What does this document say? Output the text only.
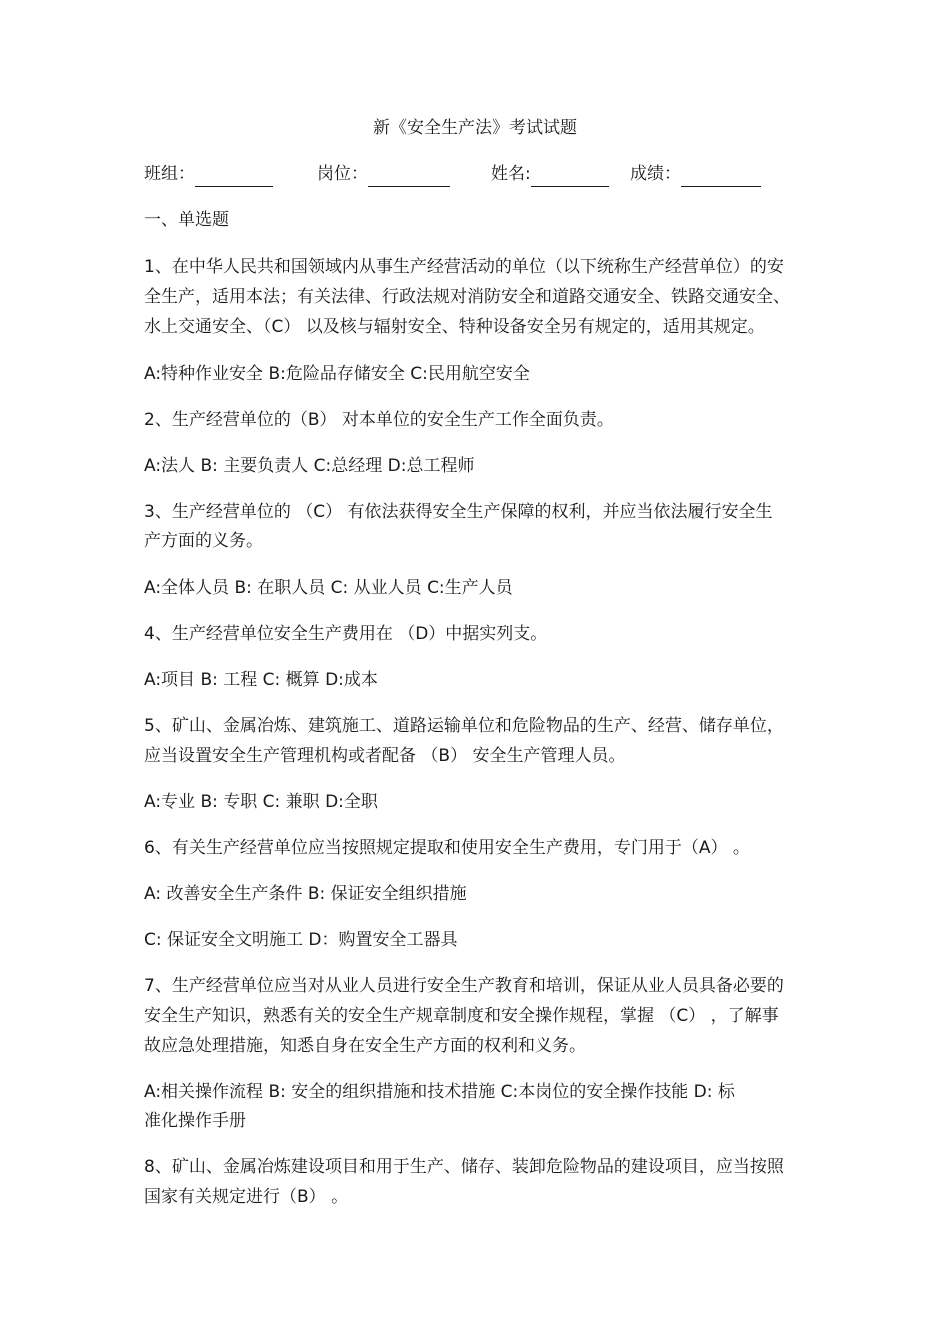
新《安全生产法》考试试题
班组：	岗位：	姓名:	成绩：
一、单选题
1、在中华人民共和国领域内从事生产经营活动的单位（以下统称生产经营单位）的安
全生产，适用本法；有关法律、行政法规对消防安全和道路交通安全、铁路交通安全、
水上交通安全、（C） 以及核与辐射安全、特种设备安全另有规定的，适用其规定。
A:特种作业安全 B:危险品存储安全 C:民用航空安全
2、生产经营单位的（B） 对本单位的安全生产工作全面负责。
A:法人 B: 主要负责人 C:总经理 D:总工程师
3、生产经营单位的 （C） 有依法获得安全生产保障的权利，并应当依法履行安全生
产方面的义务。
A:全体人员 B: 在职人员 C: 从业人员 C:生产人员
4、生产经营单位安全生产费用在 （D）中据实列支。
A:项目 B: 工程 C: 概算 D:成本
5、矿山、金属冶炼、建筑施工、道路运输单位和危险物品的生产、经营、储存单位，
应当设置安全生产管理机构或者配备 （B） 安全生产管理人员。
A:专业 B: 专职 C: 兼职 D:全职
6、有关生产经营单位应当按照规定提取和使用安全生产费用，专门用于（A） 。
A: 改善安全生产条件 B: 保证安全组织措施
C: 保证安全文明施工 D：购置安全工器具
7、生产经营单位应当对从业人员进行安全生产教育和培训，保证从业人员具备必要的
安全生产知识，熟悉有关的安全生产规章制度和安全操作规程，掌握 （C） ，了解事
故应急处理措施，知悉自身在安全生产方面的权利和义务。
A:相关操作流程 B: 安全的组织措施和技术措施 C:本岗位的安全操作技能 D: 标
准化操作手册
8、矿山、金属冶炼建设项目和用于生产、储存、装卸危险物品的建设项目，应当按照
国家有关规定进行（B） 。
